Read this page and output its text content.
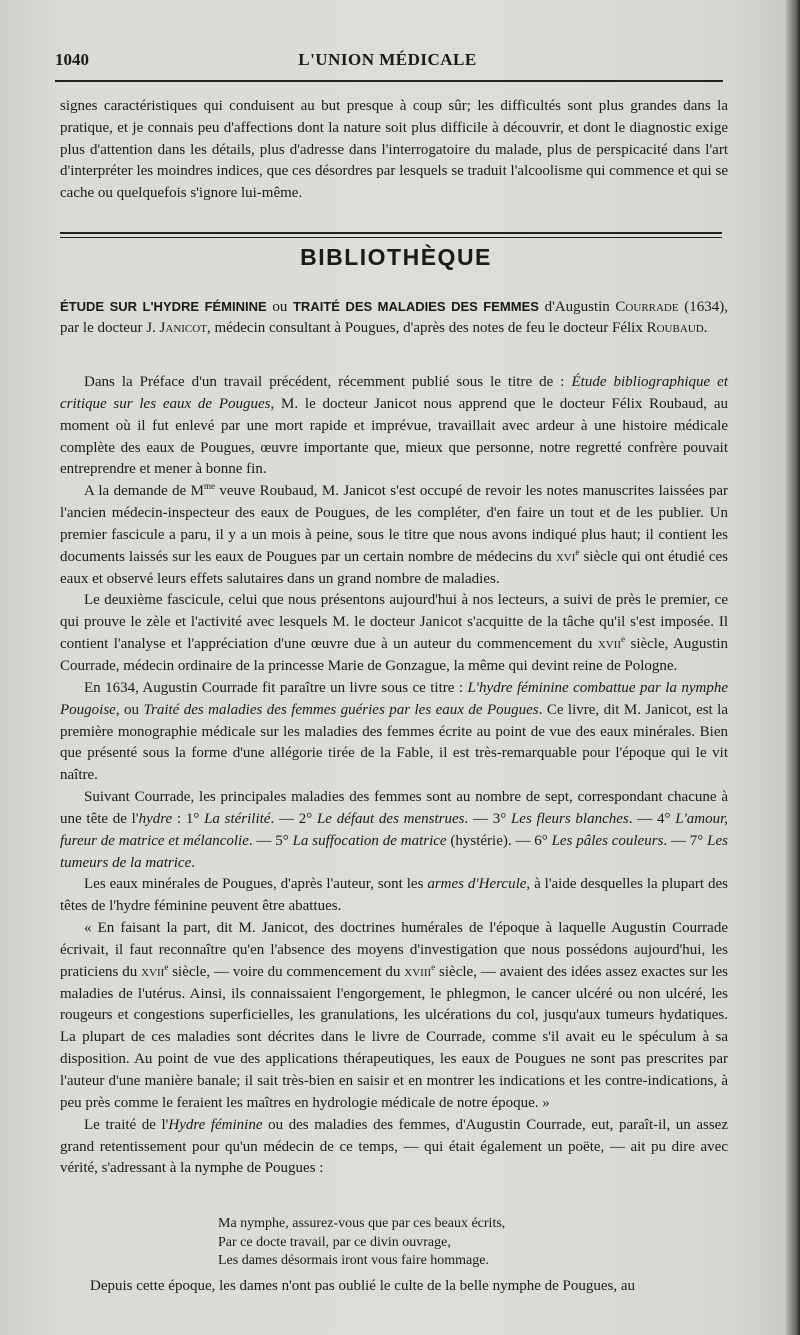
1040	L'UNION MÉDICALE

signes caractéristiques qui conduisent au but presque à coup sûr; les difficultés sont plus grandes dans la pratique, et je connais peu d'affections dont la nature soit plus difficile à découvrir, et dont le diagnostic exige plus d'attention dans les détails, plus d'adresse dans l'interrogatoire du malade, plus de perspicacité dans l'art d'interpréter les moindres indices, que ces désordres par lesquels se traduit l'alcoolisme qui commence et qui se cache ou quelquefois s'ignore lui-même.

BIBLIOTHÈQUE
ÉTUDE SUR L'HYDRE FÉMININE ou TRAITÉ DES MALADIES DES FEMMES d'Augustin Courrade (1634), par le docteur J. Janicot, médecin consultant à Pougues, d'après des notes de feu le docteur Félix Roubaud.

Dans la Préface d'un travail précédent, récemment publié sous le titre de : Étude bibliographique et critique sur les eaux de Pougues, M. le docteur Janicot nous apprend que le docteur Félix Roubaud, au moment où il fut enlevé par une mort rapide et imprévue, travaillait avec ardeur à une histoire médicale complète des eaux de Pougues, œuvre importante que, mieux que personne, notre regretté confrère pouvait entreprendre et mener à bonne fin.

A la demande de $M^{me}$ veuve Roubaud, M. Janicot s'est occupé de revoir les notes manuscrites laissées par l'ancien médecin-inspecteur des eaux de Pougues, de les compléter, d'en faire un tout et de les publier. Un premier fascicule a paru, il y a un mois à peine, sous le titre que nous avons indiqué plus haut; il contient les documents laissés sur les eaux de Pougues par un certain nombre de médecins du xvi$^e$ siècle qui ont étudié ces eaux et observé leurs effets salutaires dans un grand nombre de maladies.

Le deuxième fascicule, celui que nous présentons aujourd'hui à nos lecteurs, a suivi de près le premier, ce qui prouve le zèle et l'activité avec lesquels M. le docteur Janicot s'acquitte de la tâche qu'il s'est imposée. Il contient l'analyse et l'appréciation d'une œuvre due à un auteur du commencement du xvii$^e$ siècle, Augustin Courrade, médecin ordinaire de la princesse Marie de Gonzague, la même qui devint reine de Pologne.

En 1634, Augustin Courrade fit paraître un livre sous ce titre : L'hydre féminine combattue par la nymphe Pougoise, ou Traité des maladies des femmes guéries par les eaux de Pougues. Ce livre, dit M. Janicot, est la première monographie médicale sur les maladies des femmes écrite au point de vue des eaux minérales. Bien que présenté sous la forme d'une allégorie tirée de la Fable, il est très-remarquable pour l'époque qui le vit naître.

Suivant Courrade, les principales maladies des femmes sont au nombre de sept, correspondant chacune à une tête de l'hydre : 1° La stérilité. — 2° Le défaut des menstrues. — 3° Les fleurs blanches. — 4° L'amour, fureur de matrice et mélancolie. — 5° La suffocation de matrice (hystérie). — 6° Les pâles couleurs. — 7° Les tumeurs de la matrice.

Les eaux minérales de Pougues, d'après l'auteur, sont les armes d'Hercule, à l'aide desquelles la plupart des têtes de l'hydre féminine peuvent être abattues.

« En faisant la part, dit M. Janicot, des doctrines humérales de l'époque à laquelle Augustin Courrade écrivait, il faut reconnaître qu'en l'absence des moyens d'investigation que nous possédons aujourd'hui, les praticiens du xvii$^e$ siècle, — voire du commencement du xviii$^e$ siècle, — avaient des idées assez exactes sur les maladies de l'utérus. Ainsi, ils connaissaient l'engorgement, le phlegmon, le cancer ulcéré ou non ulcéré, les rougeurs et congestions superficielles, les granulations, les ulcérations du col, jusqu'aux tumeurs hydatiques. La plupart de ces maladies sont décrites dans le livre de Courrade, comme s'il avait eu le spéculum à sa disposition. Au point de vue des applications thérapeutiques, les eaux de Pougues ne sont pas prescrites par l'auteur d'une manière banale; il sait très-bien en saisir et en montrer les indications et les contre-indications, à peu près comme le feraient les maîtres en hydrologie médicale de notre époque. »

Le traité de l'Hydre féminine ou des maladies des femmes, d'Augustin Courrade, eut, paraît-il, un assez grand retentissement pour qu'un médecin de ce temps, — qui était également un poëte, — ait pu dire avec vérité, s'adressant à la nymphe de Pougues :

Ma nymphe, assurez-vous que par ces beaux écrits,
Par ce docte travail, par ce divin ouvrage,
Les dames désormais iront vous faire hommage.
Depuis cette époque, les dames n'ont pas oublié le culte de la belle nymphe de Pougues, au
